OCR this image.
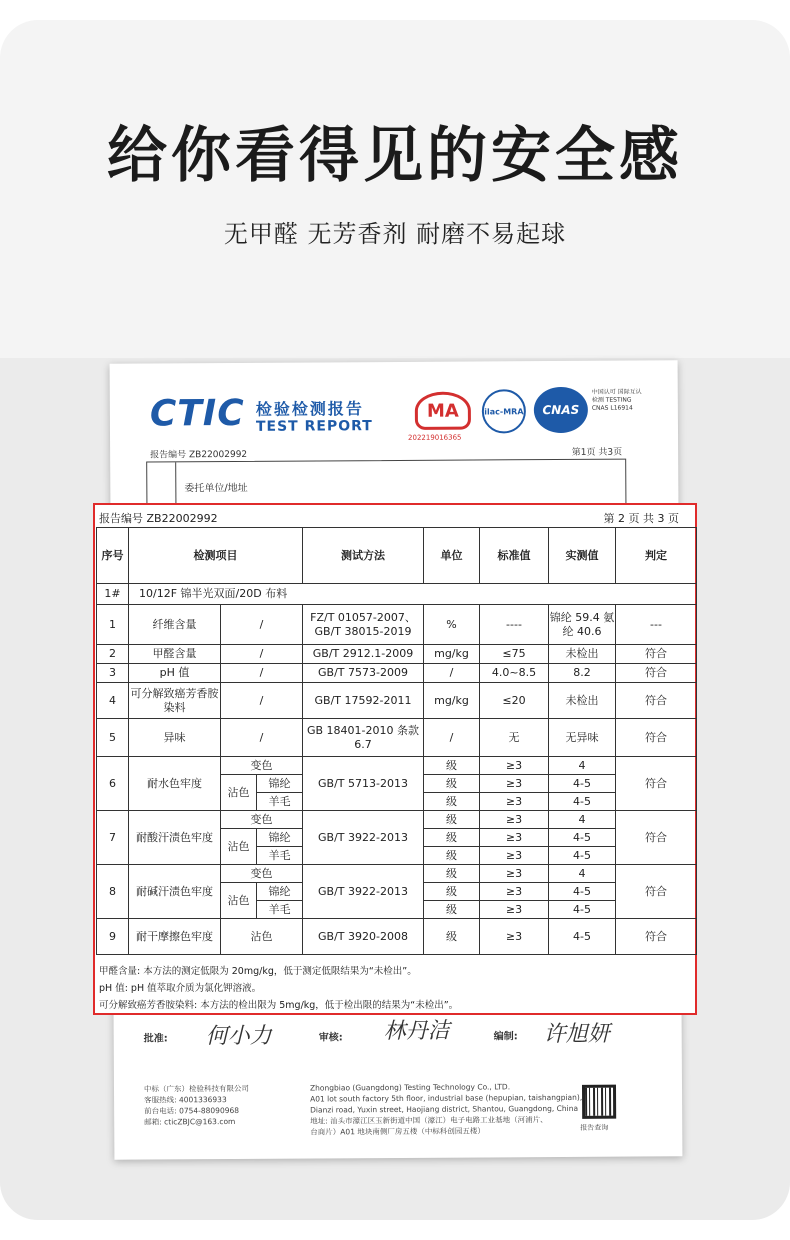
给你看得见的安全感
无甲醛 无芳香剂 耐磨不易起球
CTIC 检验检测报告
TEST REPORT
MA
202219016365
ilac-MRA	CNAS
中国认可 国际互认 检测 TESTING CNAS L16914
报告编号 ZB22002992	第1页 共3页
委托单位/地址
批准:	审核:	编制:
何小力	林丹洁	许旭妍
中标（广东）检验科技有限公司
客服热线: 4001336933
前台电话: 0754-88090968
邮箱: cticZBJC@163.com
Zhongbiao (Guangdong) Testing Technology Co., LTD.
A01 lot south factory 5th floor, industrial base (hepupian, taishangpian),
Dianzi road, Yuxin street, Haojiang district, Shantou, Guangdong, China
地址: 汕头市濠江区玉新街道中国（濠江）电子电路工业基地（河浦片、
台商片）A01 地块南侧厂房五楼（中标科创园五楼）	报告查询
报告编号 ZB22002992	第 2 页 共 3 页
序号	检测项目			测试方法	单位	标准值	实测值	判定
1#	10/12F 锦半光双面/20D 布料							
1	纤维含量	/		FZ/T 01057-2007、GB/T 38015-2019	%	----	锦纶 59.4 氨纶 40.6	---
2	甲醛含量	/		GB/T 2912.1-2009	mg/kg	≤75	未检出	符合
3	pH 值	/		GB/T 7573-2009	/	4.0~8.5	8.2	符合
4	可分解致癌芳香胺染料	/		GB/T 17592-2011	mg/kg	≤20	未检出	符合
5	异味	/		GB 18401-2010 条款 6.7	/	无	无异味	符合
6	耐水色牢度	变色		GB/T 5713-2013	级	≥3	4	符合
		沾色	锦纶		级	≥3	4-5	
			羊毛		级	≥3	4-5	
7	耐酸汗渍色牢度	变色		GB/T 3922-2013	级	≥3	4	符合
		沾色	锦纶		级	≥3	4-5	
			羊毛		级	≥3	4-5	
8	耐碱汗渍色牢度	变色		GB/T 3922-2013	级	≥3	4	符合
		沾色	锦纶		级	≥3	4-5	
			羊毛		级	≥3	4-5	
9	耐干摩擦色牢度	沾色		GB/T 3920-2008	级	≥3	4-5	符合
甲醛含量: 本方法的测定低限为 20mg/kg，低于测定低限结果为“未检出”。
pH 值: pH 值萃取介质为氯化钾溶液。
可分解致癌芳香胺染料: 本方法的检出限为 5mg/kg，低于检出限的结果为“未检出”。
